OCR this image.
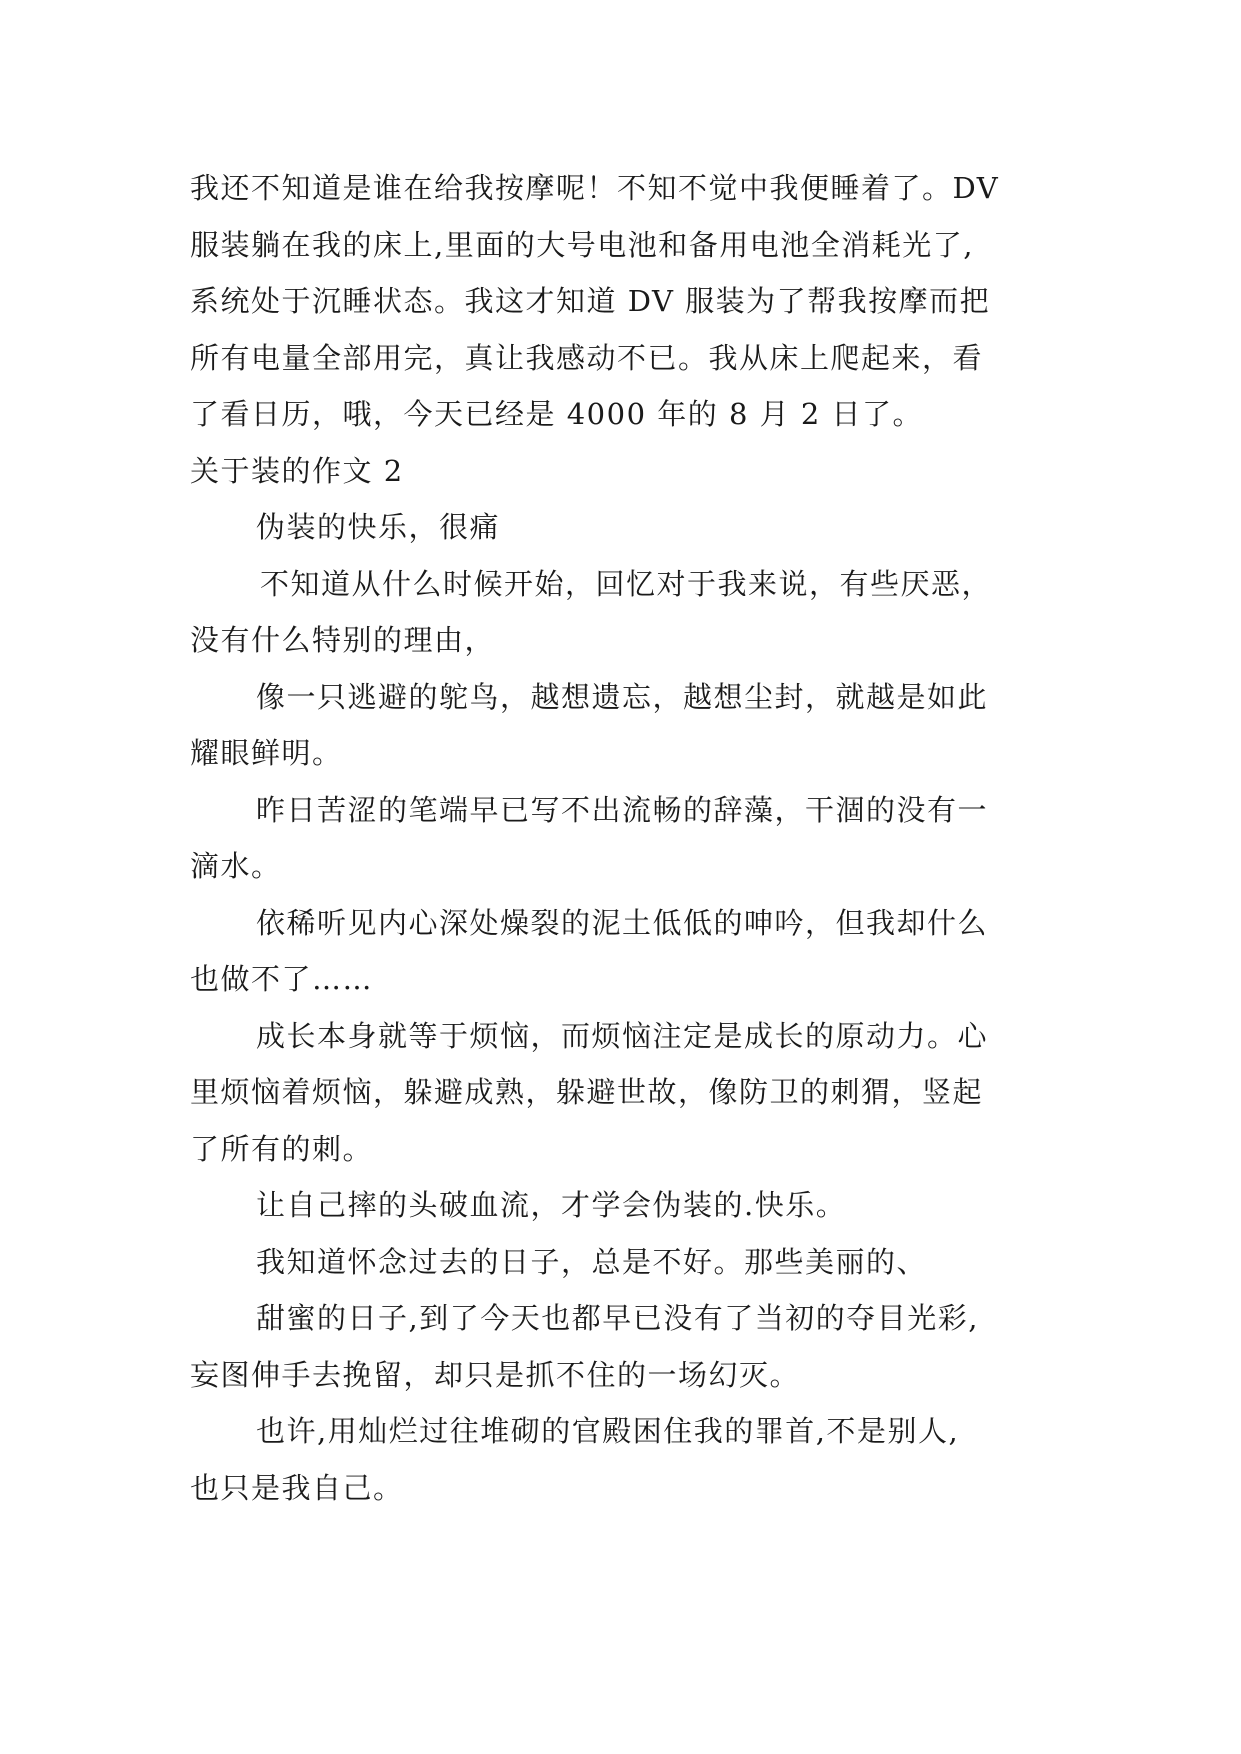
我还不知道是谁在给我按摩呢！不知不觉中我便睡着了。DV
服装躺在我的床上,里面的大号电池和备用电池全消耗光了,
系统处于沉睡状态。我这才知道 DV 服装为了帮我按摩而把
所有电量全部用完，真让我感动不已。我从床上爬起来，看
了看日历，哦，今天已经是 4000 年的 8 月 2 日了。
关于装的作文 2
伪装的快乐，很痛
不知道从什么时候开始，回忆对于我来说，有些厌恶，
没有什么特别的理由，
像一只逃避的鸵鸟，越想遗忘，越想尘封，就越是如此
耀眼鲜明。
昨日苦涩的笔端早已写不出流畅的辞藻，干涸的没有一
滴水。
依稀听见内心深处燥裂的泥土低低的呻吟，但我却什么
也做不了……
成长本身就等于烦恼，而烦恼注定是成长的原动力。心
里烦恼着烦恼，躲避成熟，躲避世故，像防卫的刺猬，竖起
了所有的刺。
让自己摔的头破血流，才学会伪装的.快乐。
我知道怀念过去的日子，总是不好。那些美丽的、
甜蜜的日子,到了今天也都早已没有了当初的夺目光彩,
妄图伸手去挽留，却只是抓不住的一场幻灭。
也许,用灿烂过往堆砌的官殿困住我的罪首,不是别人,
也只是我自己。
